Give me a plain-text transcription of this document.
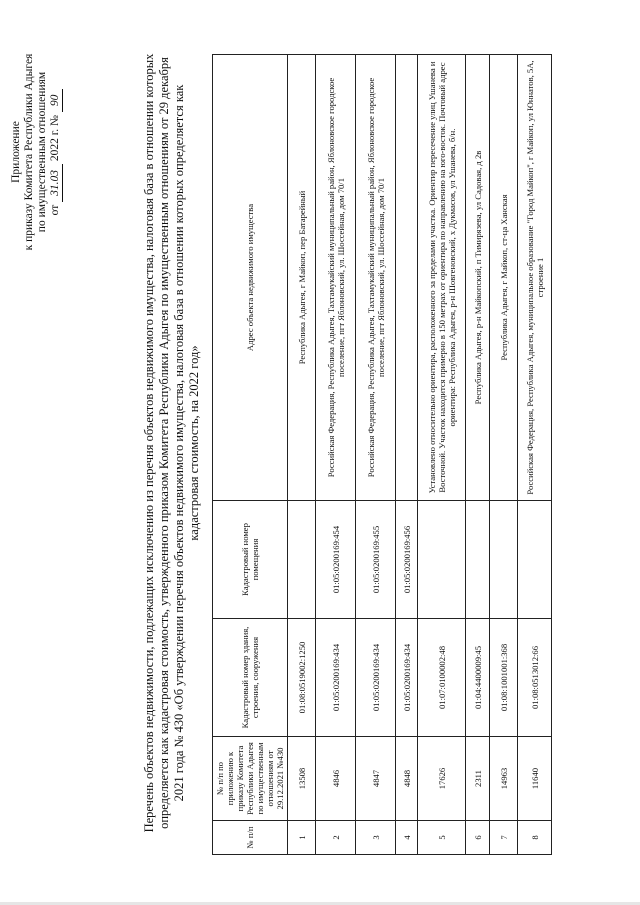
Приложение к приказу Комитета Республики Адыгея по имущественным отношениям от 31.03 2022 г. № 90	Перечень объектов недвижимости, подлежащих исключению из перечня объектов недвижимого имущества, налоговая база в отношении которых определяется как кадастровая стоимость, утвержденного приказом Комитета Республики Адыгея по имущественным отношениям от 29 декабря 2021 года № 430 «Об утверждении перечня объектов недвижимого имущества, налоговая база в отношении которых определяется как кадастровая стоимость, на 2022 год»
№ п/п	№ п/п по приложению к приказу Комитета Республики Адыгея по имущественным отношениям от 29.12.2021 №430	Кадастровый номер здания, строения, сооружения	Кадастровый номер помещения	Адрес объекта недвижимого имущества
1	13508	01:08:0519002:1250		Республика Адыгея, г Майкоп, пер Батарейный
2	4846	01:05:0200169:434	01:05:0200169:454	Российская Федерация, Республика Адыгея, Тахтамукайский муниципальный район, Яблоновское городское поселение, пгт Яблоновский, ул. Шоссейная, дом 70/1
3	4847	01:05:0200169:434	01:05:0200169:455	Российская Федерация, Республика Адыгея, Тахтамукайский муниципальный район, Яблоновское городское поселение, пгт Яблоновский, ул. Шоссейная, дом 70/1
4	4848	01:05:0200169:434	01:05:0200169:456	
5	17626	01:07:0100002:48		Установлено относительно ориентира, расположенного за пределами участка. Ориентир пересечение улиц Ушанева и Восточной. Участок находится примерно в 150 метрах от ориентира по направлению на юго-восток. Почтовый адрес ориентира: Республика Адыгея, р-н Шовгеновский, х Дукмасов, ул Ушанева, б/н.
6	2311	01:04:4400009:45		Республика Адыгея, р-н Майкопский, п Тимирязева, ул Садовая, д 2в
7	14963	01:08:1001001:368		Республика Адыгея, г Майкоп, ст-ца Ханская
8	11640	01:08:0513012:66		Российская Федерация, Республика Адыгея, муниципальное образование "Город Майкоп", г Майкоп, ул Юннатов, 5А, строение 1
